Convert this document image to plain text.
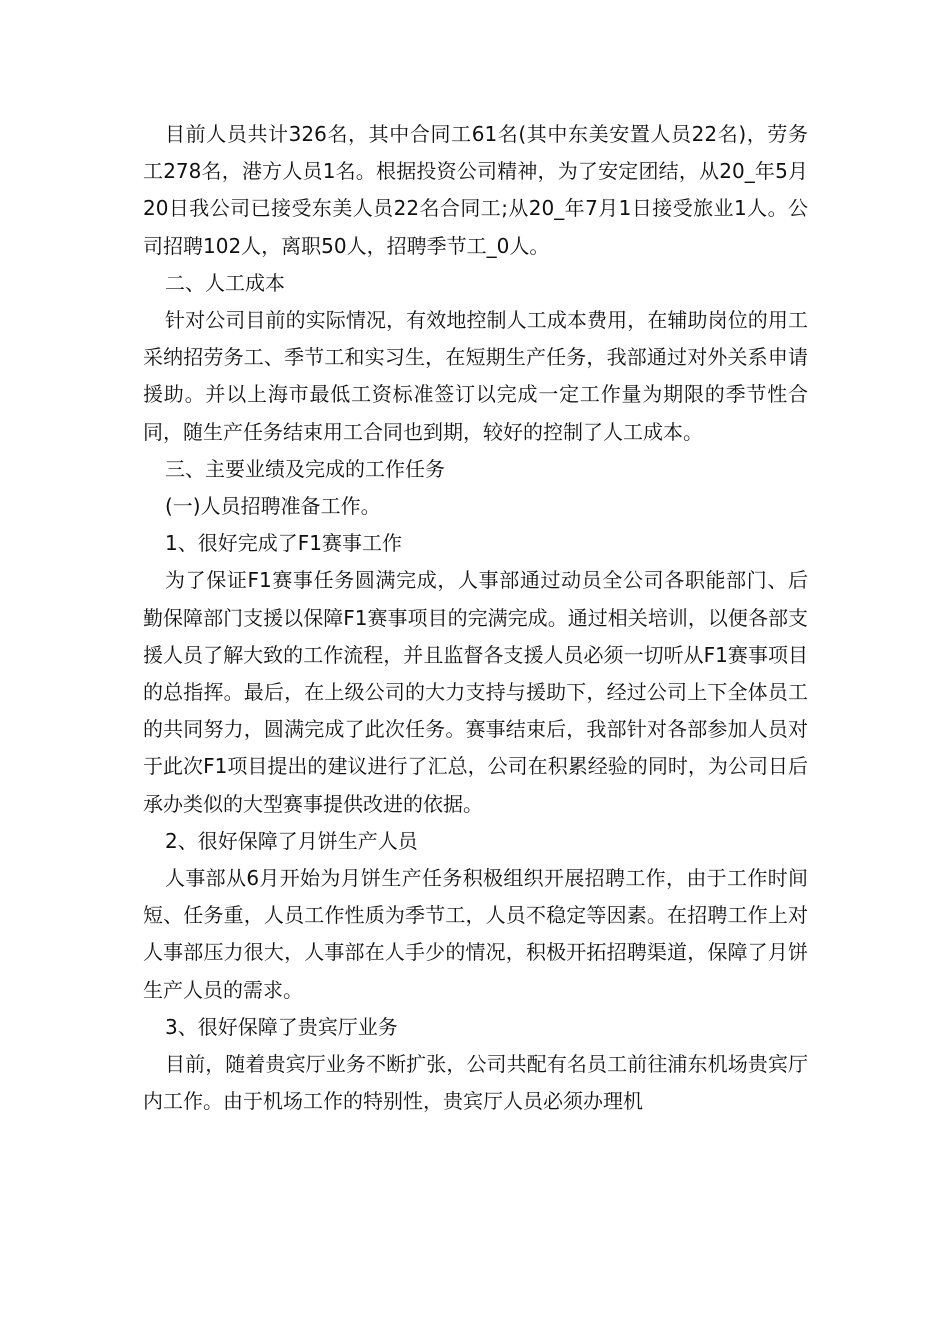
目前人员共计326名，其中合同工61名(其中东美安置人员22名)，劳务工278名，港方人员1名。根据投资公司精神，为了安定团结，从20_年5月20日我公司已接受东美人员22名合同工;从20_年7月1日接受旅业1人。公司招聘102人，离职50人，招聘季节工_0人。

二、人工成本

针对公司目前的实际情况，有效地控制人工成本费用，在辅助岗位的用工采纳招劳务工、季节工和实习生，在短期生产任务，我部通过对外关系申请援助。并以上海市最低工资标准签订以完成一定工作量为期限的季节性合同，随生产任务结束用工合同也到期，较好的控制了人工成本。

三、主要业绩及完成的工作任务

(一)人员招聘准备工作。

1、很好完成了F1赛事工作

为了保证F1赛事任务圆满完成，人事部通过动员全公司各职能部门、后勤保障部门支援以保障F1赛事项目的完满完成。通过相关培训，以便各部支援人员了解大致的工作流程，并且监督各支援人员必须一切听从F1赛事项目的总指挥。最后，在上级公司的大力支持与援助下，经过公司上下全体员工的共同努力，圆满完成了此次任务。赛事结束后，我部针对各部参加人员对于此次F1项目提出的建议进行了汇总，公司在积累经验的同时，为公司日后承办类似的大型赛事提供改进的依据。

2、很好保障了月饼生产人员

人事部从6月开始为月饼生产任务积极组织开展招聘工作，由于工作时间短、任务重，人员工作性质为季节工，人员不稳定等因素。在招聘工作上对人事部压力很大，人事部在人手少的情况，积极开拓招聘渠道，保障了月饼生产人员的需求。

3、很好保障了贵宾厅业务

目前，随着贵宾厅业务不断扩张，公司共配有名员工前往浦东机场贵宾厅内工作。由于机场工作的特别性，贵宾厅人员必须办理机
